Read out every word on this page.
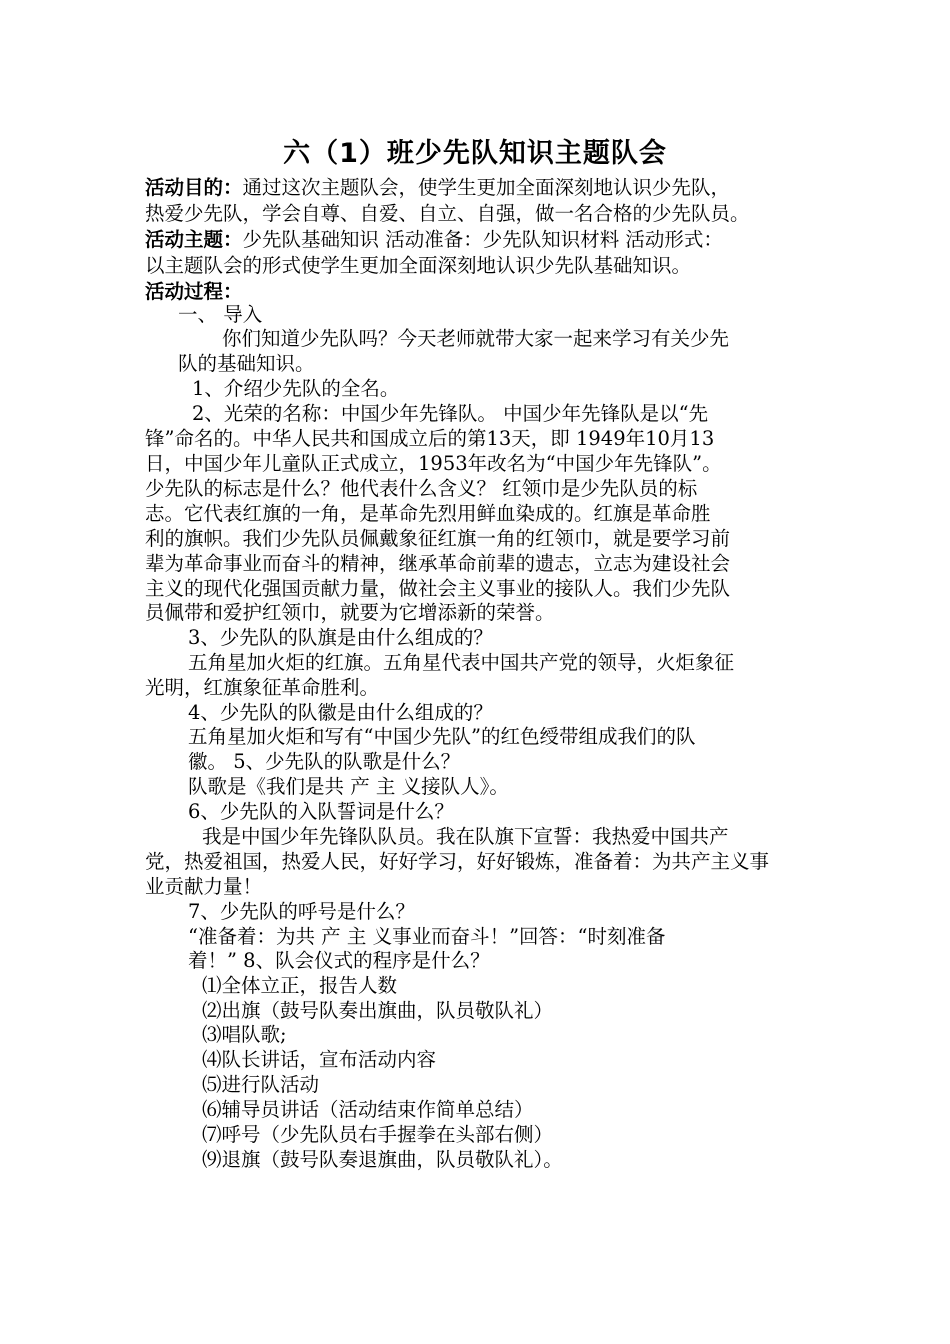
六（1）班少先队知识主题队会
活动目的：通过这次主题队会，使学生更加全面深刻地认识少先队，
热爱少先队，学会自尊、自爱、自立、自强，做一名合格的少先队员。
活动主题：少先队基础知识 活动准备：少先队知识材料 活动形式：
以主题队会的形式使学生更加全面深刻地认识少先队基础知识。
活动过程：
一、 导入
你们知道少先队吗？今天老师就带大家一起来学习有关少先
队的基础知识。
1、介绍少先队的全名。
2、光荣的名称：中国少年先锋队。 中国少年先锋队是以“先
锋”命名的。中华人民共和国成立后的第13天，即 1949年10月13
日，中国少年儿童队正式成立，1953年改名为“中国少年先锋队”。
少先队的标志是什么？他代表什么含义？ 红领巾是少先队员的标
志。它代表红旗的一角，是革命先烈用鲜血染成的。红旗是革命胜
利的旗帜。我们少先队员佩戴象征红旗一角的红领巾，就是要学习前
辈为革命事业而奋斗的精神，继承革命前辈的遗志，立志为建设社会
主义的现代化强国贡献力量，做社会主义事业的接队人。我们少先队
员佩带和爱护红领巾，就要为它增添新的荣誉。
3、少先队的队旗是由什么组成的？
五角星加火炬的红旗。五角星代表中国共产党的领导，火炬象征
光明，红旗象征革命胜利。
4、少先队的队徽是由什么组成的？
五角星加火炬和写有“中国少先队”的红色绶带组成我们的队
徽。 5、少先队的队歌是什么？
队歌是《我们是共 产 主 义接队人》。
6、少先队的入队誓词是什么？
我是中国少年先锋队队员。我在队旗下宣誓：我热爱中国共产
党，热爱祖国，热爱人民，好好学习，好好锻炼，准备着：为共产主义事
业贡献力量！
7、少先队的呼号是什么？
“准备着：为共 产 主 义事业而奋斗！”回答：“时刻准备
着！” 8、队会仪式的程序是什么？
⑴全体立正，报告人数
⑵出旗（鼓号队奏出旗曲，队员敬队礼）
⑶唱队歌;
⑷队长讲话，宣布活动内容
⑸进行队活动
⑹辅导员讲话（活动结束作简单总结）
⑺呼号（少先队员右手握拳在头部右侧）
⑼退旗（鼓号队奏退旗曲，队员敬队礼）。
